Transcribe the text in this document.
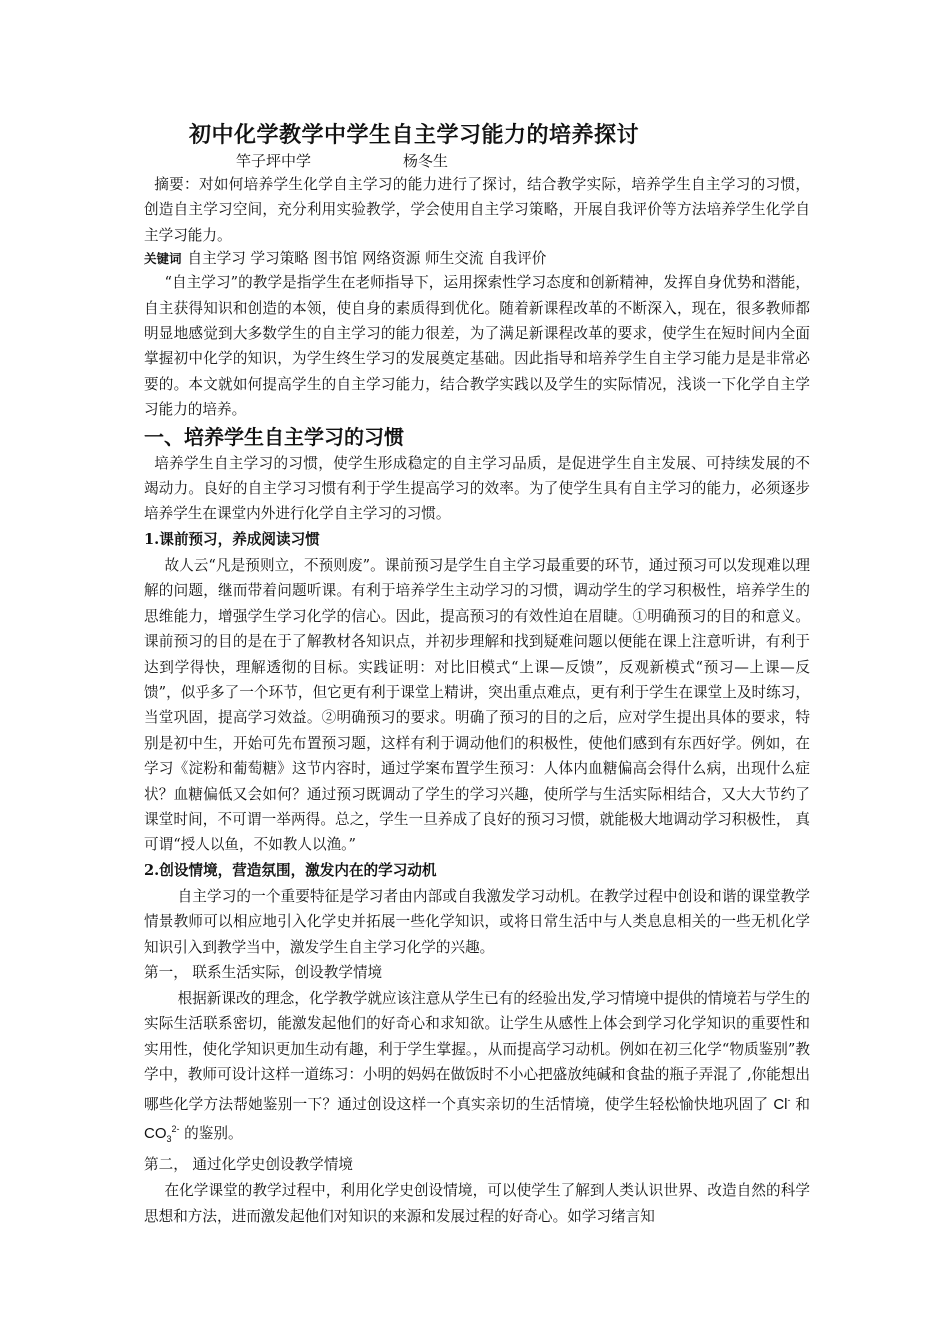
初中化学教学中学生自主学习能力的培养探讨
竿子坪中学	杨冬生

摘要：对如何培养学生化学自主学习的能力进行了探讨，结合教学实际，培养学生自主学习的习惯，创造自主学习空间，充分利用实验教学，学会使用自主学习策略，开展自我评价等方法培养学生化学自主学习能力。

关键词 自主学习 学习策略 图书馆 网络资源 师生交流 自我评价

“自主学习”的教学是指学生在老师指导下，运用探索性学习态度和创新精神，发挥自身优势和潜能，自主获得知识和创造的本领，使自身的素质得到优化。随着新课程改革的不断深入，现在，很多教师都明显地感觉到大多数学生的自主学习的能力很差，为了满足新课程改革的要求，使学生在短时间内全面掌握初中化学的知识，为学生终生学习的发展奠定基础。因此指导和培养学生自主学习能力是是非常必要的。本文就如何提高学生的自主学习能力，结合教学实践以及学生的实际情况，浅谈一下化学自主学习能力的培养。

一、培养学生自主学习的习惯

培养学生自主学习的习惯，使学生形成稳定的自主学习品质，是促进学生自主发展、可持续发展的不竭动力。良好的自主学习习惯有利于学生提高学习的效率。为了使学生具有自主学习的能力，必须逐步培养学生在课堂内外进行化学自主学习的习惯。

1.课前预习，养成阅读习惯

故人云“凡是预则立，不预则废”。课前预习是学生自主学习最重要的环节，通过预习可以发现难以理解的问题，继而带着问题听课。有利于培养学生主动学习的习惯，调动学生的学习积极性，培养学生的思维能力，增强学生学习化学的信心。因此，提高预习的有效性迫在眉睫。①明确预习的目的和意义。课前预习的目的是在于了解教材各知识点，并初步理解和找到疑难问题以便能在课上注意听讲，有利于达到学得快，理解透彻的目标。实践证明：对比旧模式“上课—反馈”，反观新模式“预习—上课—反馈”，似乎多了一个环节，但它更有利于课堂上精讲，突出重点难点，更有利于学生在课堂上及时练习，当堂巩固，提高学习效益。②明确预习的要求。明确了预习的目的之后，应对学生提出具体的要求，特别是初中生，开始可先布置预习题，这样有利于调动他们的积极性，使他们感到有东西好学。例如，在学习《淀粉和葡萄糖》这节内容时，通过学案布置学生预习：人体内血糖偏高会得什么病，出现什么症状？血糖偏低又会如何？通过预习既调动了学生的学习兴趣，使所学与生活实际相结合，又大大节约了课堂时间，不可谓一举两得。总之，学生一旦养成了良好的预习习惯，就能极大地调动学习积极性， 真可谓“授人以鱼，不如教人以渔。”

2.创设情境，营造氛围，激发内在的学习动机

自主学习的一个重要特征是学习者由内部或自我激发学习动机。在教学过程中创设和谐的课堂教学情景教师可以相应地引入化学史并拓展一些化学知识，或将日常生活中与人类息息相关的一些无机化学知识引入到教学当中，激发学生自主学习化学的兴趣。

第一， 联系生活实际，创设教学情境

根据新课改的理念，化学教学就应该注意从学生已有的经验出发,学习情境中提供的情境若与学生的实际生活联系密切，能激发起他们的好奇心和求知欲。让学生从感性上体会到学习化学知识的重要性和实用性，使化学知识更加生动有趣，利于学生掌握。，从而提高学习动机。例如在初三化学“物质鉴别”教学中，教师可设计这样一道练习：小明的妈妈在做饭时不小心把盛放纯碱和食盐的瓶子弄混了 ,你能想出哪些化学方法帮她鉴别一下？通过创设这样一个真实亲切的生活情境，使学生轻松愉快地巩固了 Cl- 和 $CO_3^{2-}$ 的鉴别。

第二， 通过化学史创设教学情境

在化学课堂的教学过程中，利用化学史创设情境，可以使学生了解到人类认识世界、改造自然的科学思想和方法，进而激发起他们对知识的来源和发展过程的好奇心。如学习绪言知
